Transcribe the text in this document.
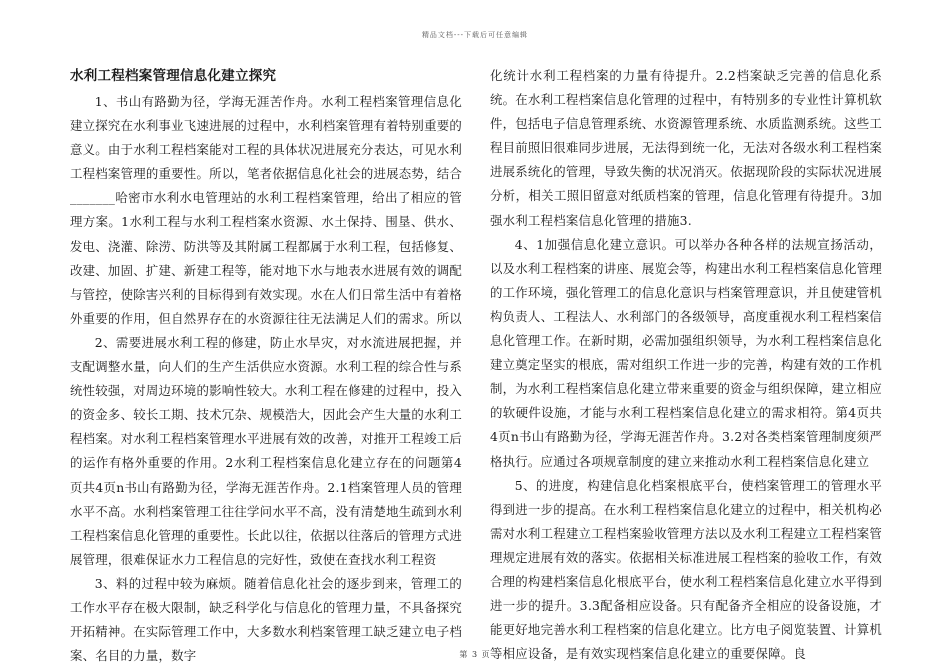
精品文档---下载后可任意编辑
水利工程档案管理信息化建立探究

1、书山有路勤为径，学海无涯苦作舟。水利工程档案管理信息化建立探究在水利事业飞速进展的过程中，水利档案管理有着特别重要的意义。由于水利工程档案能对工程的具体状况进展充分表达，可见水利工程档案管理的重要性。所以，笔者依据信息化社会的进展态势，结合_______哈密市水利水电管理站的水利工程档案管理，给出了相应的管理方案。1水利工程与水利工程档案水资源、水土保持、围垦、供水、发电、浇灌、除涝、防洪等及其附属工程都属于水利工程，包括修复、改建、加固、扩建、新建工程等，能对地下水与地表水进展有效的调配与管控，使除害兴利的目标得到有效实现。水在人们日常生活中有着格外重要的作用，但自然界存在的水资源往往无法满足人们的需求。所以

2、需要进展水利工程的修建，防止水旱灾，对水流进展把握，并支配调整水量，向人们的生产生活供应水资源。水利工程的综合性与系统性较强，对周边环境的影响性较大。水利工程在修建的过程中，投入的资金多、较长工期、技术冗杂、规模浩大，因此会产生大量的水利工程档案。对水利工程档案管理水平进展有效的改善，对推开工程竣工后的运作有格外重要的作用。2水利工程档案信息化建立存在的问题第4页共4页n书山有路勤为径，学海无涯苦作舟。2.1档案管理人员的管理水平不高。水利档案管理工往往学问水平不高，没有清楚地生疏到水利工程档案信息化管理的重要性。长此以往，依据以往落后的管理方式进展管理，很难保证水力工程信息的完好性，致使在查找水利工程资

3、料的过程中较为麻烦。随着信息化社会的逐步到来，管理工的工作水平存在极大限制，缺乏科学化与信息化的管理力量，不具备探究开拓精神。在实际管理工作中，大多数水利档案管理工缺乏建立电子档案、名目的力量，数字

化统计水利工程档案的力量有待提升。2.2档案缺乏完善的信息化系统。在水利工程档案信息化管理的过程中，有特别多的专业性计算机软件，包括电子信息管理系统、水资源管理系统、水质监测系统。这些工程目前照旧很难同步进展，无法得到统一化，无法对各级水利工程档案进展系统化的管理，导致失衡的状况消灭。依据现阶段的实际状况进展分析，相关工照旧留意对纸质档案的管理，信息化管理有待提升。3加强水利工程档案信息化管理的措施3.

4、1加强信息化建立意识。可以举办各种各样的法规宣扬活动，以及水利工程档案的讲座、展览会等，构建出水利工程档案信息化管理的工作环境，强化管理工的信息化意识与档案管理意识，并且使建管机构负责人、工程法人、水利部门的各级领导，高度重视水利工程档案信息化管理工作。在新时期，必需加强组织领导，为水利工程档案信息化建立奠定坚实的根底，需对组织工作进一步的完善，构建有效的工作机制，为水利工程档案信息化建立带来重要的资金与组织保障，建立相应的软硬件设施，才能与水利工程档案信息化建立的需求相符。第4页共4页n书山有路勤为径，学海无涯苦作舟。3.2对各类档案管理制度须严格执行。应通过各项规章制度的建立来推动水利工程档案信息化建立

5、的进度，构建信息化档案根底平台，使档案管理工的管理水平得到进一步的提高。在水利工程档案信息化建立的过程中，相关机构必需对水利工程建立工程档案验收管理方法以及水利工程建立工程档案管理规定进展有效的落实。依据相关标准进展工程档案的验收工作，有效合理的构建档案信息化根底平台，使水利工程档案信息化建立水平得到进一步的提升。3.3配备相应设备。只有配备齐全相应的设备设施，才能更好地完善水利工程档案的信息化建立。比方电子阅览装置、计算机等相应设备，是有效实现档案信息化建立的重要保障。良

第 3 页
